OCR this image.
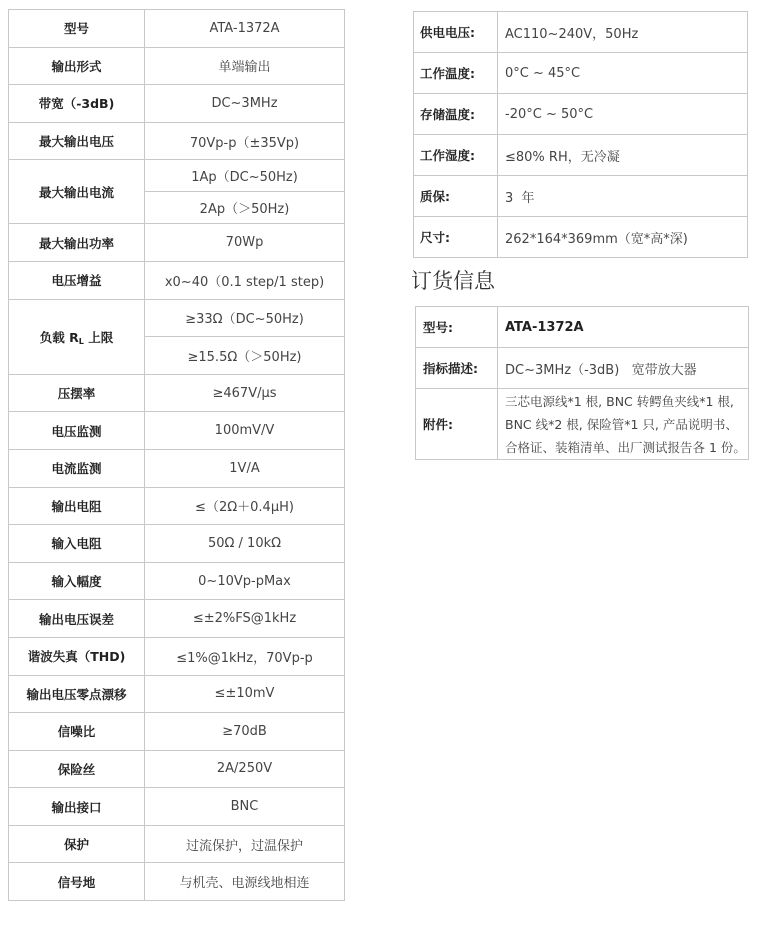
型号	ATA-1372A
输出形式	单端输出
带宽（-3dB)	DC~3MHz
最大输出电压	70Vp-p（±35Vp)
最大输出电流	1Ap（DC~50Hz)
	2Ap（＞50Hz)
最大输出功率	70Wp
电压增益	x0~40（0.1 step/1 step)
负载 RL 上限	≥33Ω（DC~50Hz)
	≥15.5Ω（＞50Hz)
压摆率	≥467V/μs
电压监测	100mV/V
电流监测	1V/A
输出电阻	≤（2Ω＋0.4μH)
输入电阻	50Ω / 10kΩ
输入幅度	0~10Vp-pMax
输出电压误差	≤±2%FS@1kHz
谐波失真（THD)	≤1%@1kHz，70Vp-p
输出电压零点漂移	≤±10mV
信噪比	≥70dB
保险丝	2A/250V
输出接口	BNC
保护	过流保护，过温保护
信号地	与机壳、电源线地相连
供电电压:	AC110~240V，50Hz
工作温度:	0°C ~ 45°C
存储温度:	-20°C ~ 50°C
工作湿度:	≤80% RH，无冷凝
质保:	3  年
尺寸:	262*164*369mm（宽*高*深)
订货信息
型号:	ATA-1372A
指标描述:	DC~3MHz（-3dB)   宽带放大器
附件:	三芯电源线*1 根, BNC 转鳄鱼夹线*1 根,
BNC 线*2 根, 保险管*1 只, 产品说明书、
合格证、装箱清单、出厂测试报告各 1 份。
